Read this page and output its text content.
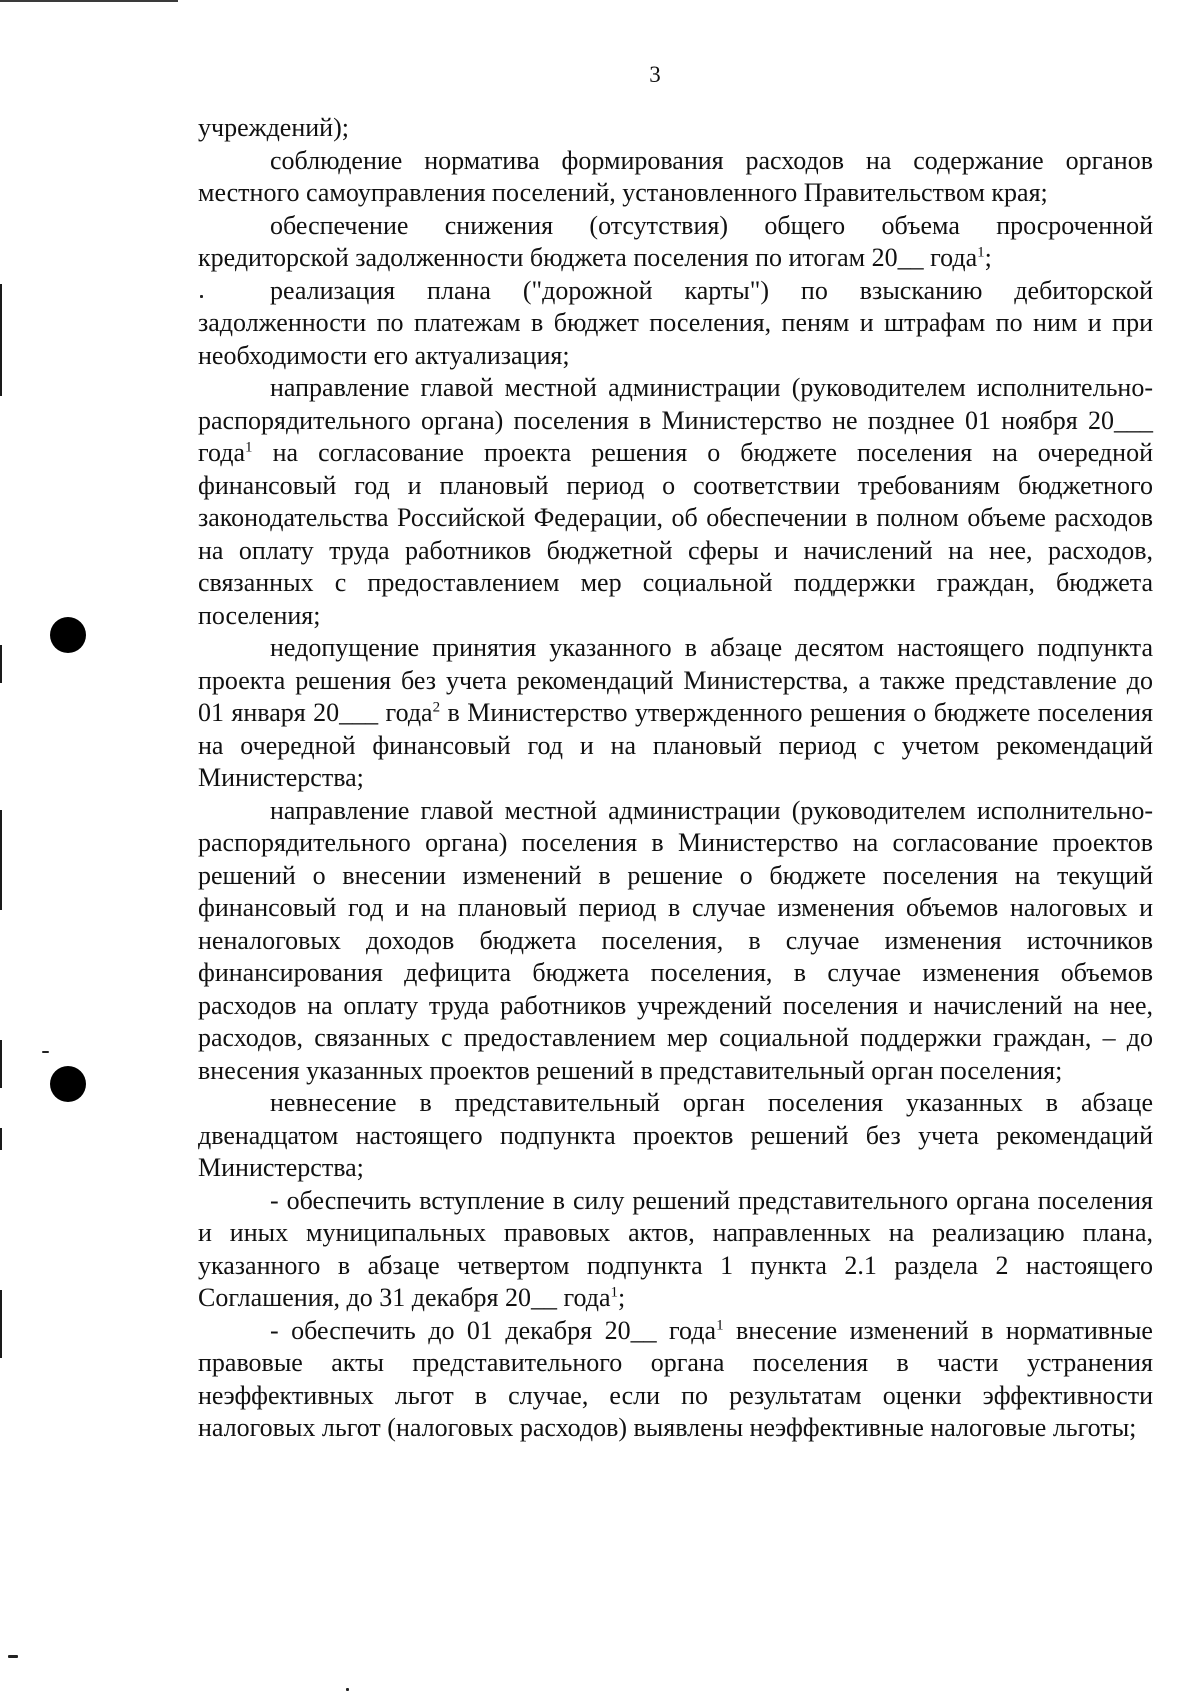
3

учреждений);

соблюдение норматива формирования расходов на содержание органов местного самоуправления поселений, установленного Правительством края;

обеспечение снижения (отсутствия) общего объема просроченной кредиторской задолженности бюджета поселения по итогам 20__ года$^1$;

реализация плана ("дорожной карты") по взысканию дебиторской задолженности по платежам в бюджет поселения, пеням и штрафам по ним и при необходимости его актуализация;

направление главой местной администрации (руководителем исполнительно-распорядительного органа) поселения в Министерство не позднее 01 ноября 20___ года$^1$ на согласование проекта решения о бюджете поселения на очередной финансовый год и плановый период о соответствии требованиям бюджетного законодательства Российской Федерации, об обеспечении в полном объеме расходов на оплату труда работников бюджетной сферы и начислений на нее, расходов, связанных с предоставлением мер социальной поддержки граждан, бюджета поселения;

недопущение принятия указанного в абзаце десятом настоящего подпункта проекта решения без учета рекомендаций Министерства, а также представление до 01 января 20___ года$^2$ в Министерство утвержденного решения о бюджете поселения на очередной финансовый год и на плановый период с учетом рекомендаций Министерства;

направление главой местной администрации (руководителем исполнительно-распорядительного органа) поселения в Министерство на согласование проектов решений о внесении изменений в решение о бюджете поселения на текущий финансовый год и на плановый период в случае изменения объемов налоговых и неналоговых доходов бюджета поселения, в случае изменения источников финансирования дефицита бюджета поселения, в случае изменения объемов расходов на оплату труда работников учреждений поселения и начислений на нее, расходов, связанных с предоставлением мер социальной поддержки граждан, – до внесения указанных проектов решений в представительный орган поселения;

невнесение в представительный орган поселения указанных в абзаце двенадцатом настоящего подпункта проектов решений без учета рекомендаций Министерства;

- обеспечить вступление в силу решений представительного органа поселения и иных муниципальных правовых актов, направленных на реализацию плана, указанного в абзаце четвертом подпункта 1 пункта 2.1 раздела 2 настоящего Соглашения, до 31 декабря 20__ года$^1$;

- обеспечить до 01 декабря 20__ года$^1$ внесение изменений в нормативные правовые акты представительного органа поселения в части устранения неэффективных льгот в случае, если по результатам оценки эффективности налоговых льгот (налоговых расходов) выявлены неэффективные налоговые льготы;
